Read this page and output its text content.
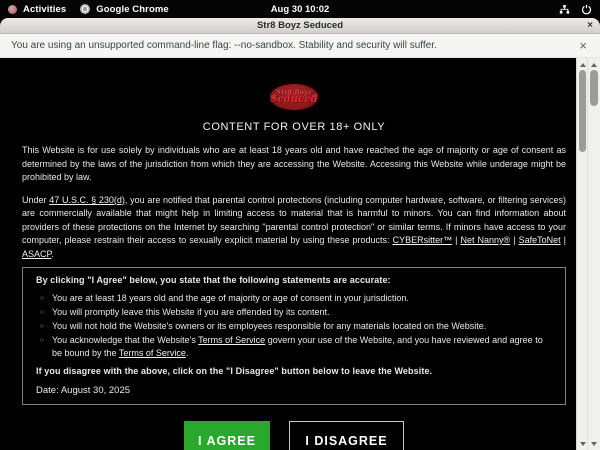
Activities	Google Chrome	Aug 30 10:02
Str8 Boyz Seduced	×
You are using an unsupported command-line flag: --no-sandbox. Stability and security will suffer.	×
· Str8 Boyz
Seduced
·
CONTENT FOR OVER 18+ ONLY

This Website is for use solely by individuals who are at least 18 years old and have reached the age of majority or age of consent as determined by the laws of the jurisdiction from which they are accessing the Website. Accessing this Website while underage might be prohibited by law.

Under 47 U.S.C. § 230(d), you are notified that parental control protections (including computer hardware, software, or filtering services) are commercially available that might help in limiting access to material that is harmful to minors. You can find information about providers of these protections on the Internet by searching "parental control protection" or similar terms. If minors have access to your computer, please restrain their access to sexually explicit material by using these products: CYBERsitter™ | Net Nanny® | SafeToNet | ASACP.

By clicking "I Agree" below, you state that the following statements are accurate:
○ You are at least 18 years old and the age of majority or age of consent in your jurisdiction.
○ You will promptly leave this Website if you are offended by its content.
○ You will not hold the Website's owners or its employees responsible for any materials located on the Website.
○ You acknowledge that the Website's Terms of Service govern your use of the Website, and you have reviewed and agree to be bound by the Terms of Service.
If you disagree with the above, click on the "I Disagree" button below to leave the Website.
Date: August 30, 2025
I AGREE	I DISAGREE
